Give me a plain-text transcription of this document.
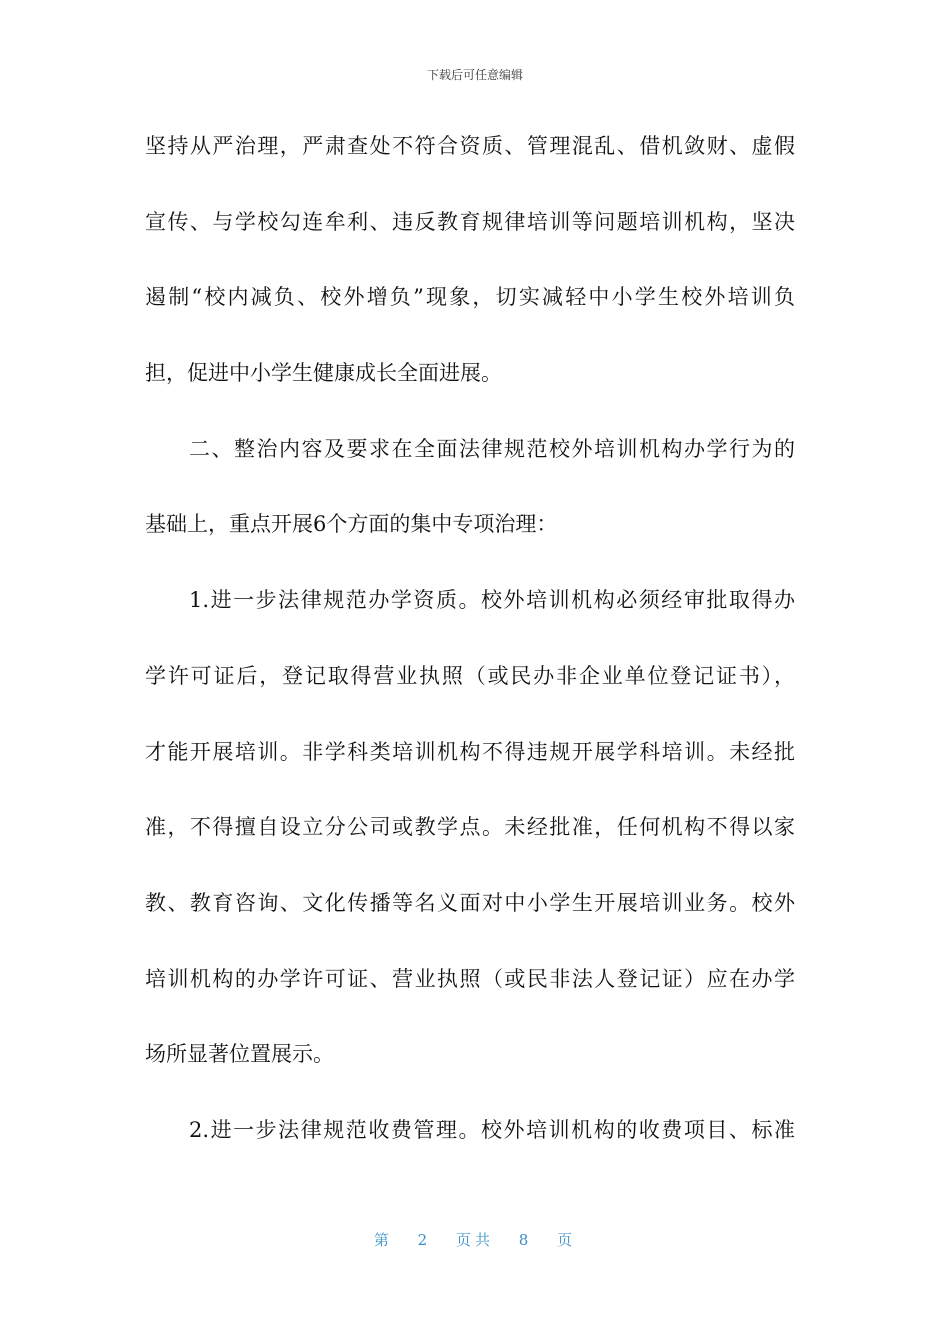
下载后可任意编辑
坚持从严治理，严肃查处不符合资质、管理混乱、借机敛财、虚假
宣传、与学校勾连牟利、违反教育规律培训等问题培训机构，坚决
遏制“校内减负、校外增负”现象，切实减轻中小学生校外培训负
担，促进中小学生健康成长全面进展。
二、整治内容及要求在全面法律规范校外培训机构办学行为的
基础上，重点开展6个方面的集中专项治理：
1.进一步法律规范办学资质。校外培训机构必须经审批取得办
学许可证后，登记取得营业执照（或民办非企业单位登记证书），
才能开展培训。非学科类培训机构不得违规开展学科培训。未经批
准，不得擅自设立分公司或教学点。未经批准，任何机构不得以家
教、教育咨询、文化传播等名义面对中小学生开展培训业务。校外
培训机构的办学许可证、营业执照（或民非法人登记证）应在办学
场所显著位置展示。
2.进一步法律规范收费管理。校外培训机构的收费项目、标准
第 2 页共 8 页
